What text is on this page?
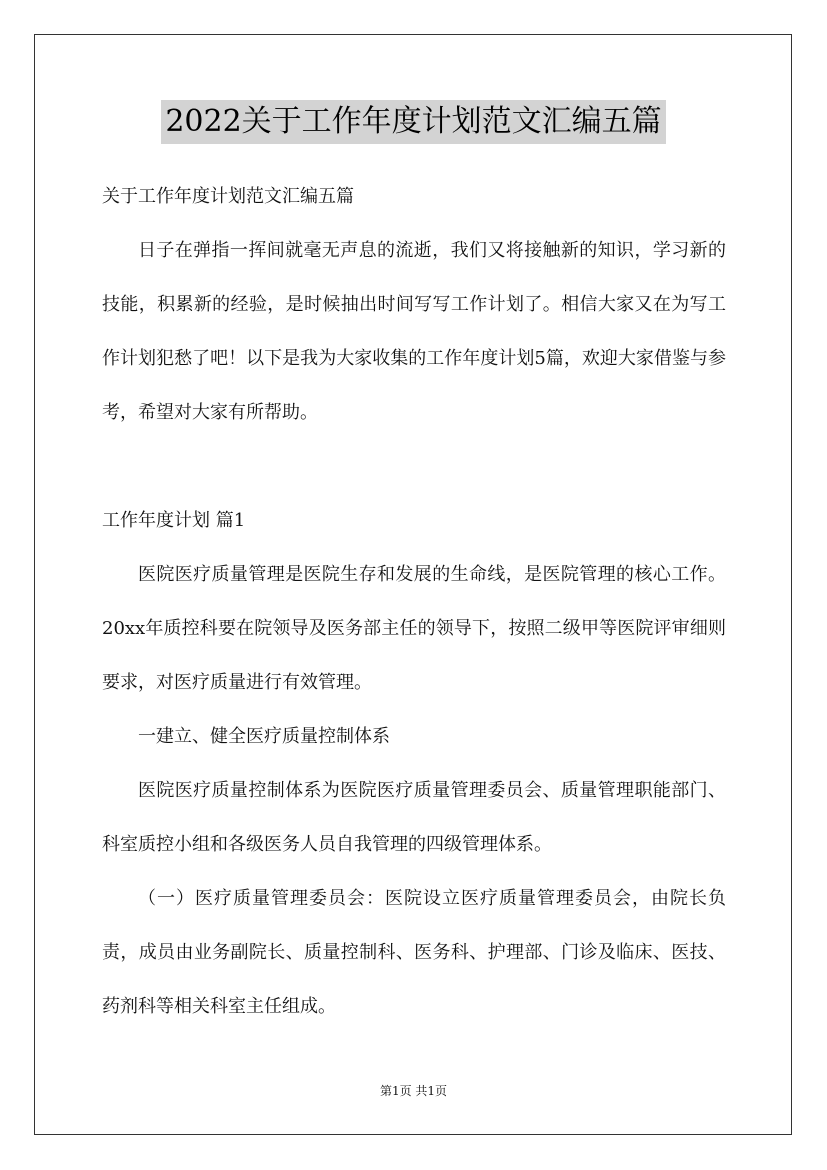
2022关于工作年度计划范文汇编五篇

关于工作年度计划范文汇编五篇

日子在弹指一挥间就毫无声息的流逝，我们又将接触新的知识，学习新的技能，积累新的经验，是时候抽出时间写写工作计划了。相信大家又在为写工作计划犯愁了吧！以下是我为大家收集的工作年度计划5篇，欢迎大家借鉴与参考，希望对大家有所帮助。

工作年度计划 篇1

医院医疗质量管理是医院生存和发展的生命线，是医院管理的核心工作。20xx年质控科要在院领导及医务部主任的领导下，按照二级甲等医院评审细则要求，对医疗质量进行有效管理。

一建立、健全医疗质量控制体系

医院医疗质量控制体系为医院医疗质量管理委员会、质量管理职能部门、科室质控小组和各级医务人员自我管理的四级管理体系。

（一）医疗质量管理委员会：医院设立医疗质量管理委员会，由院长负责，成员由业务副院长、质量控制科、医务科、护理部、门诊及临床、医技、药剂科等相关科室主任组成。

第1页 共1页
